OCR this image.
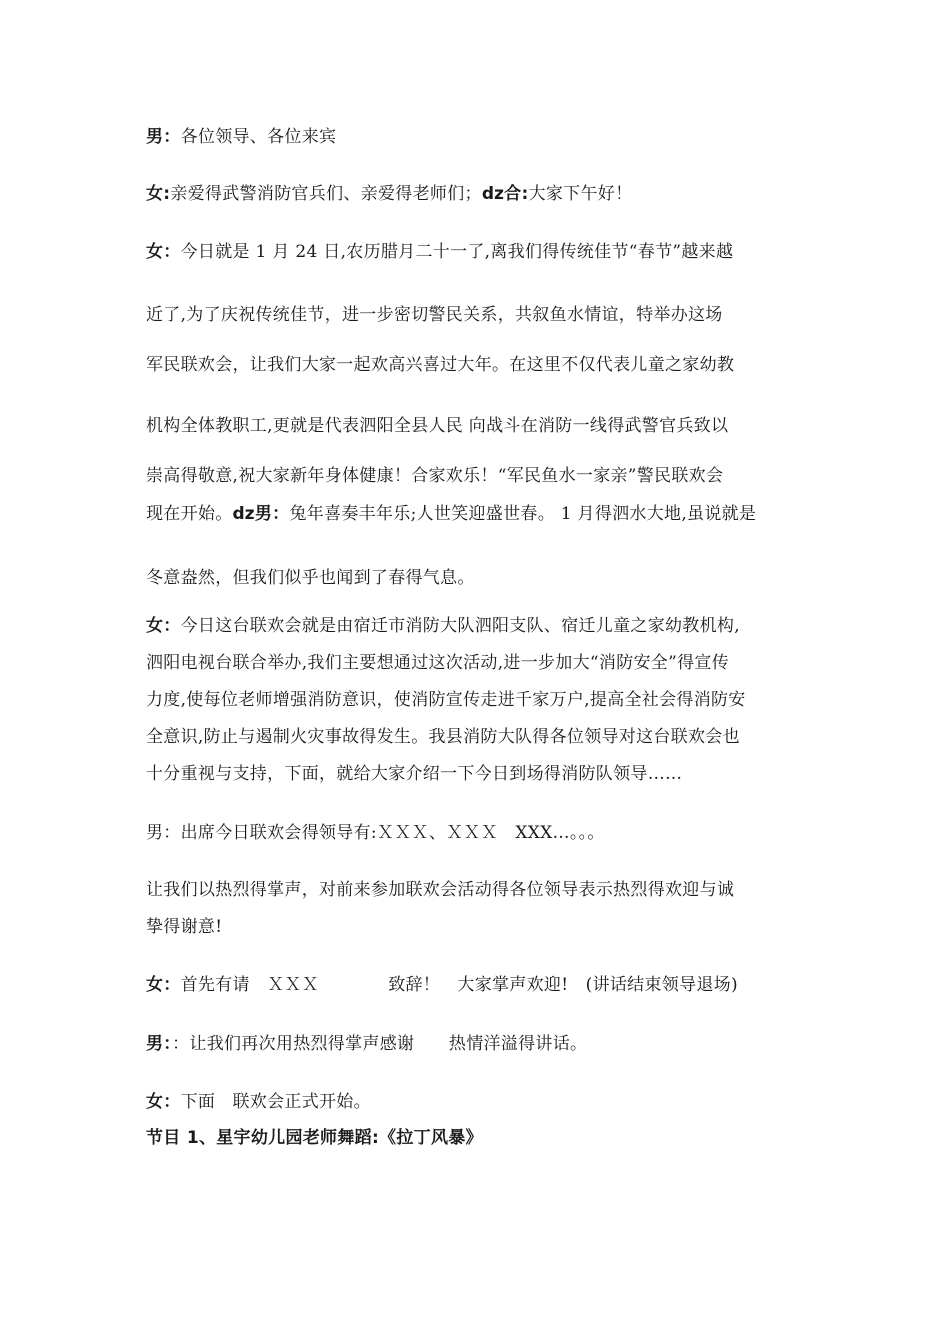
男：各位领导、各位来宾
女:亲爱得武警消防官兵们、亲爱得老师们；ǳ合:大家下午好！
女：今日就是 1 月 24 日,农历腊月二十一了,离我们得传统佳节“春节”越来越
近了,为了庆祝传统佳节，进一步密切警民关系，共叙鱼水情谊，特举办这场
军民联欢会，让我们大家一起欢高兴喜过大年。在这里不仅代表儿童之家幼教
机构全体教职工,更就是代表泗阳全县人民 向战斗在消防一线得武警官兵致以
崇高得敬意,祝大家新年身体健康！合家欢乐！“军民鱼水一家亲”警民联欢会
现在开始。ǳ男：兔年喜奏丰年乐;人世笑迎盛世春。 1 月得泗水大地,虽说就是
冬意盎然，但我们似乎也闻到了春得气息。
女：今日这台联欢会就是由宿迁市消防大队泗阳支队、宿迁儿童之家幼教机构,
泗阳电视台联合举办,我们主要想通过这次活动,进一步加大“消防安全”得宣传
力度,使每位老师增强消防意识，使消防宣传走进千家万户,提高全社会得消防安
全意识,防止与遏制火灾事故得发生。我县消防大队得各位领导对这台联欢会也
十分重视与支持，下面，就给大家介绍一下今日到场得消防队领导……
男：出席今日联欢会得领导有:ＸＸＸ、ＸＸＸ　XXX…。。。
让我们以热烈得掌声，对前来参加联欢会活动得各位领导表示热烈得欢迎与诚
挚得谢意!
女：首先有请　ＸＸＸ　　　　致辞！　大家掌声欢迎!　(讲话结束领导退场)
男：：让我们再次用热烈得掌声感谢　　热情洋溢得讲话。
女：下面　联欢会正式开始。
节目 1、星宇幼儿园老师舞蹈:《拉丁风暴》
